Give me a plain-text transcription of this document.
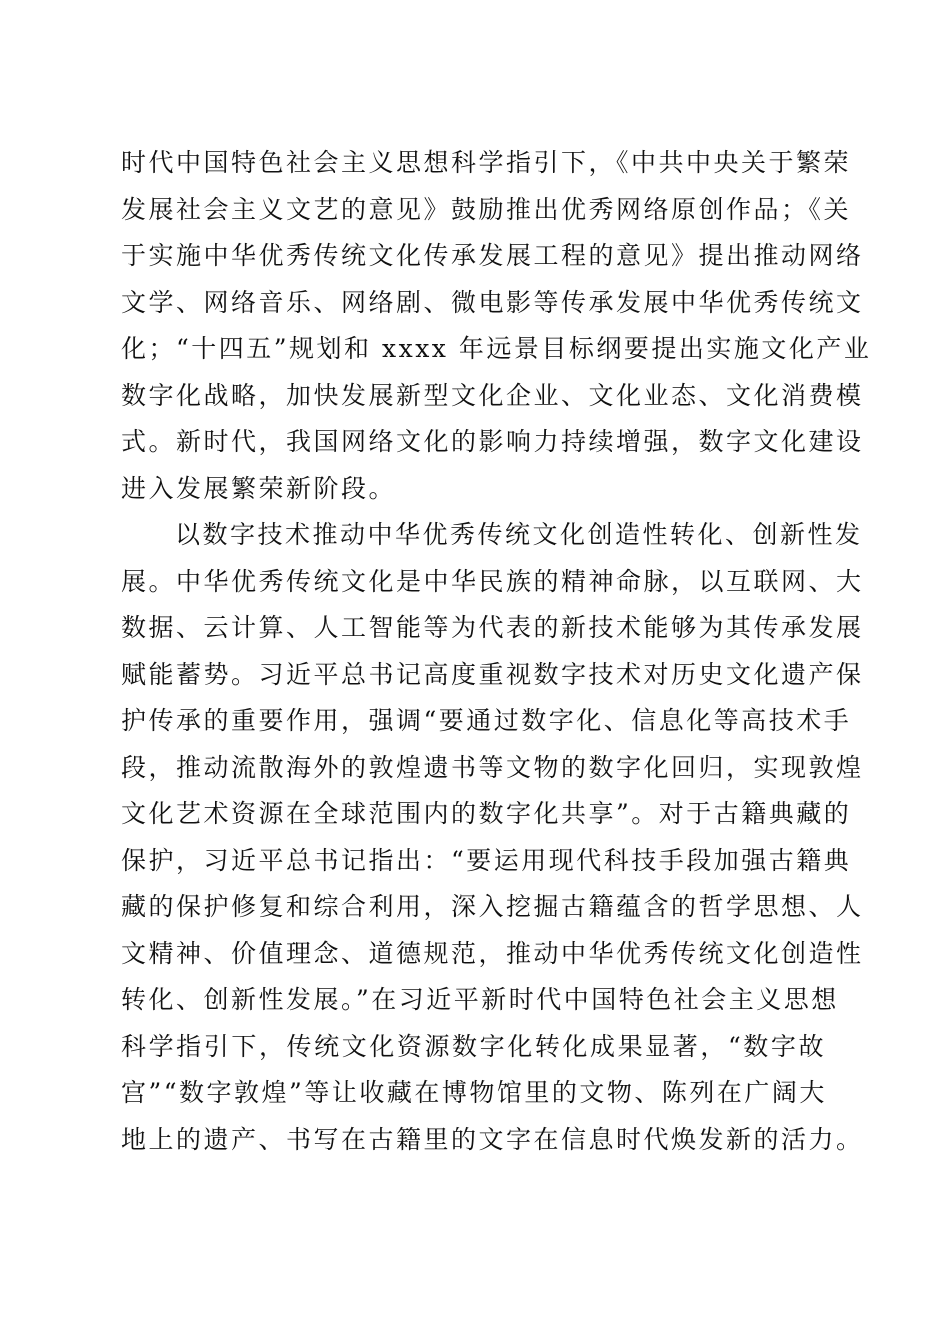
时代中国特色社会主义思想科学指引下，《中共中央关于繁荣
发展社会主义文艺的意见》鼓励推出优秀网络原创作品；《关
于实施中华优秀传统文化传承发展工程的意见》提出推动网络
文学、网络音乐、网络剧、微电影等传承发展中华优秀传统文
化；“十四五”规划和 xxxx 年远景目标纲要提出实施文化产业
数字化战略，加快发展新型文化企业、文化业态、文化消费模
式。新时代，我国网络文化的影响力持续增强，数字文化建设
进入发展繁荣新阶段。
以数字技术推动中华优秀传统文化创造性转化、创新性发
展。中华优秀传统文化是中华民族的精神命脉，以互联网、大
数据、云计算、人工智能等为代表的新技术能够为其传承发展
赋能蓄势。习近平总书记高度重视数字技术对历史文化遗产保
护传承的重要作用，强调“要通过数字化、信息化等高技术手
段，推动流散海外的敦煌遗书等文物的数字化回归，实现敦煌
文化艺术资源在全球范围内的数字化共享”。对于古籍典藏的
保护，习近平总书记指出：“要运用现代科技手段加强古籍典
藏的保护修复和综合利用，深入挖掘古籍蕴含的哲学思想、人
文精神、价值理念、道德规范，推动中华优秀传统文化创造性
转化、创新性发展。”在习近平新时代中国特色社会主义思想
科学指引下，传统文化资源数字化转化成果显著，“数字故
宫”“数字敦煌”等让收藏在博物馆里的文物、陈列在广阔大
地上的遗产、书写在古籍里的文字在信息时代焕发新的活力。
